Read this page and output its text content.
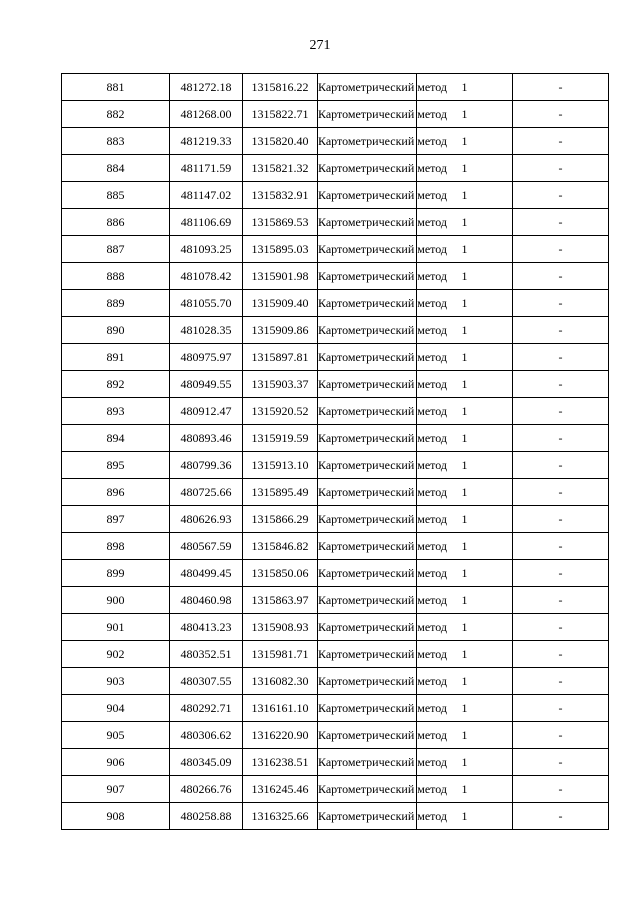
271
881	481272.18	1315816.22	Картометрический метод	1	-
882	481268.00	1315822.71	Картометрический метод	1	-
883	481219.33	1315820.40	Картометрический метод	1	-
884	481171.59	1315821.32	Картометрический метод	1	-
885	481147.02	1315832.91	Картометрический метод	1	-
886	481106.69	1315869.53	Картометрический метод	1	-
887	481093.25	1315895.03	Картометрический метод	1	-
888	481078.42	1315901.98	Картометрический метод	1	-
889	481055.70	1315909.40	Картометрический метод	1	-
890	481028.35	1315909.86	Картометрический метод	1	-
891	480975.97	1315897.81	Картометрический метод	1	-
892	480949.55	1315903.37	Картометрический метод	1	-
893	480912.47	1315920.52	Картометрический метод	1	-
894	480893.46	1315919.59	Картометрический метод	1	-
895	480799.36	1315913.10	Картометрический метод	1	-
896	480725.66	1315895.49	Картометрический метод	1	-
897	480626.93	1315866.29	Картометрический метод	1	-
898	480567.59	1315846.82	Картометрический метод	1	-
899	480499.45	1315850.06	Картометрический метод	1	-
900	480460.98	1315863.97	Картометрический метод	1	-
901	480413.23	1315908.93	Картометрический метод	1	-
902	480352.51	1315981.71	Картометрический метод	1	-
903	480307.55	1316082.30	Картометрический метод	1	-
904	480292.71	1316161.10	Картометрический метод	1	-
905	480306.62	1316220.90	Картометрический метод	1	-
906	480345.09	1316238.51	Картометрический метод	1	-
907	480266.76	1316245.46	Картометрический метод	1	-
908	480258.88	1316325.66	Картометрический метод	1	-
